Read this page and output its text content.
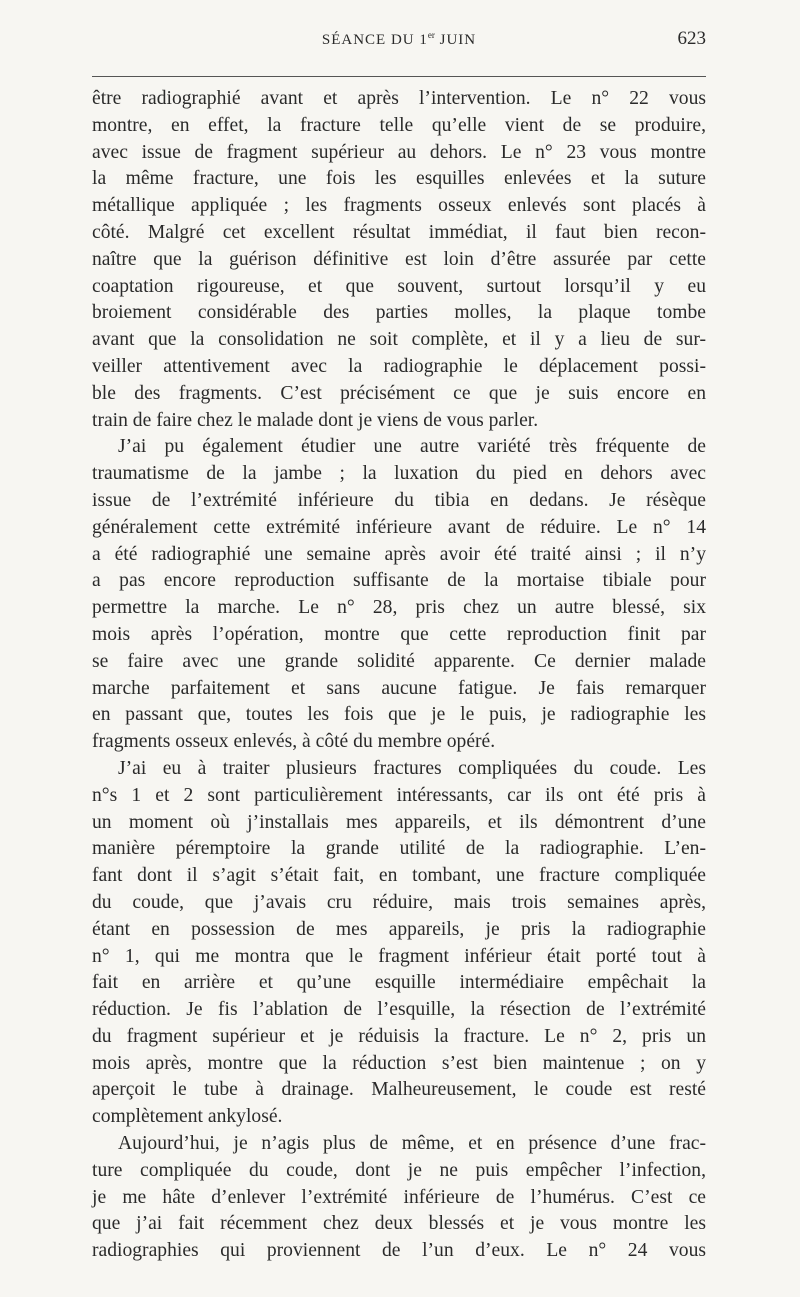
SÉANCE DU 1er JUIN	623
être radiographié avant et après l’intervention. Le n° 22 vous
montre, en effet, la fracture telle qu’elle vient de se produire,
avec issue de fragment supérieur au dehors. Le n° 23 vous montre
la même fracture, une fois les esquilles enlevées et la suture
métallique appliquée ; les fragments osseux enlevés sont placés à
côté. Malgré cet excellent résultat immédiat, il faut bien recon-
naître que la guérison définitive est loin d’être assurée par cette
coaptation rigoureuse, et que souvent, surtout lorsqu’il y eu
broiement considérable des parties molles, la plaque tombe
avant que la consolidation ne soit complète, et il y a lieu de sur-
veiller attentivement avec la radiographie le déplacement possi-
ble des fragments. C’est précisément ce que je suis encore en
train de faire chez le malade dont je viens de vous parler.
J’ai pu également étudier une autre variété très fréquente de
traumatisme de la jambe ; la luxation du pied en dehors avec
issue de l’extrémité inférieure du tibia en dedans. Je résèque
généralement cette extrémité inférieure avant de réduire. Le n° 14
a été radiographié une semaine après avoir été traité ainsi ; il n’y
a pas encore reproduction suffisante de la mortaise tibiale pour
permettre la marche. Le n° 28, pris chez un autre blessé, six
mois après l’opération, montre que cette reproduction finit par
se faire avec une grande solidité apparente. Ce dernier malade
marche parfaitement et sans aucune fatigue. Je fais remarquer
en passant que, toutes les fois que je le puis, je radiographie les
fragments osseux enlevés, à côté du membre opéré.
J’ai eu à traiter plusieurs fractures compliquées du coude. Les
n°s 1 et 2 sont particulièrement intéressants, car ils ont été pris à
un moment où j’installais mes appareils, et ils démontrent d’une
manière péremptoire la grande utilité de la radiographie. L’en-
fant dont il s’agit s’était fait, en tombant, une fracture compliquée
du coude, que j’avais cru réduire, mais trois semaines après,
étant en possession de mes appareils, je pris la radiographie
n° 1, qui me montra que le fragment inférieur était porté tout à
fait en arrière et qu’une esquille intermédiaire empêchait la
réduction. Je fis l’ablation de l’esquille, la résection de l’extrémité
du fragment supérieur et je réduisis la fracture. Le n° 2, pris un
mois après, montre que la réduction s’est bien maintenue ; on y
aperçoit le tube à drainage. Malheureusement, le coude est resté
complètement ankylosé.
Aujourd’hui, je n’agis plus de même, et en présence d’une frac-
ture compliquée du coude, dont je ne puis empêcher l’infection,
je me hâte d’enlever l’extrémité inférieure de l’humérus. C’est ce
que j’ai fait récemment chez deux blessés et je vous montre les
radiographies qui proviennent de l’un d’eux. Le n° 24 vous
